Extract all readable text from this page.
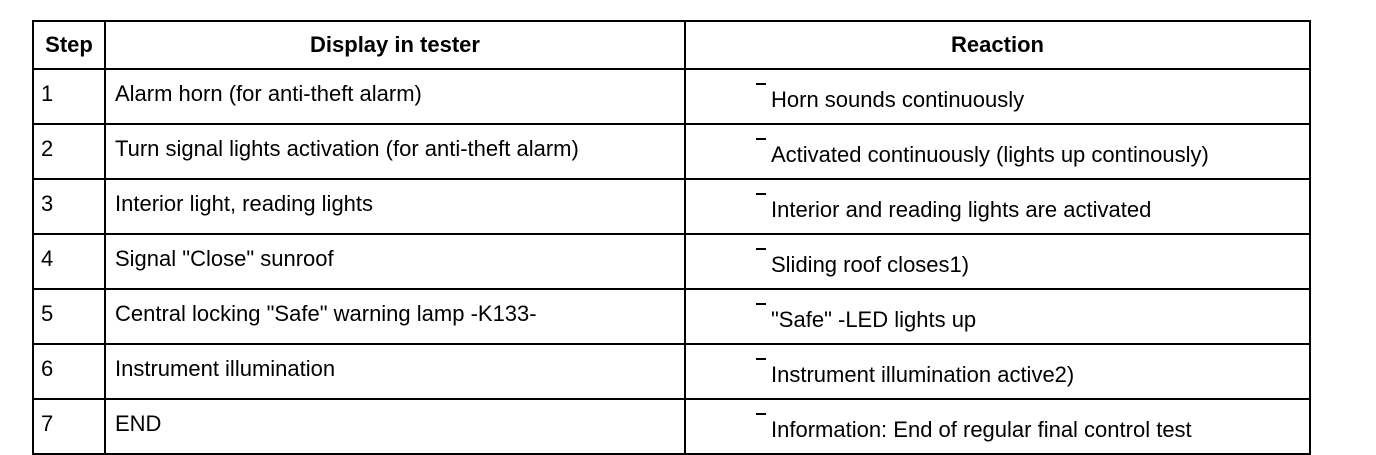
Step	Display in tester	Reaction
1	Alarm horn (for anti-theft alarm)	Horn sounds continuously
2	Turn signal lights activation (for anti-theft alarm)	Activated continuously (lights up continously)
3	Interior light, reading lights	Interior and reading lights are activated
4	Signal "Close" sunroof	Sliding roof closes1)
5	Central locking "Safe" warning lamp -K133-	"Safe" -LED lights up
6	Instrument illumination	Instrument illumination active2)
7	END	Information: End of regular final control test
